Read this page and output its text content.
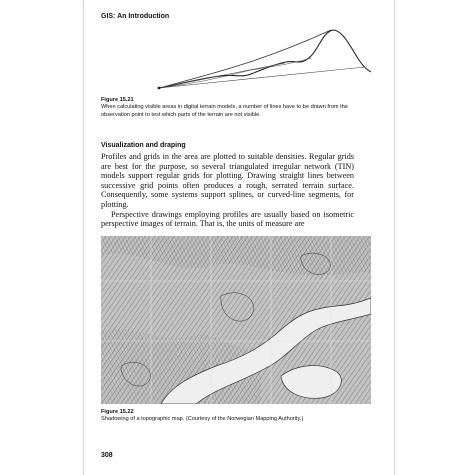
GIS: An Introduction
Figure 15.21
When calculating visible areas in digital terrain models, a number of lines have to be drawn from the observation point to test which parts of the terrain are not visible.
Visualization and draping

Profiles and grids in the area are plotted to suitable densities. Regular grids are best for the purpose, so several triangulated irregular network (TIN) models support regular grids for plotting. Drawing straight lines between successive grid points often produces a rough, serrated terrain surface. Consequently, some systems support splines, or curved-line segments, for plotting.

Perspective drawings employing profiles are usually based on isometric perspective images of terrain. That is, the units of measure are

Figure 15.22
Shadowing of a topographic map. (Courtesy of the Norwegian Mapping Authority.)
308
